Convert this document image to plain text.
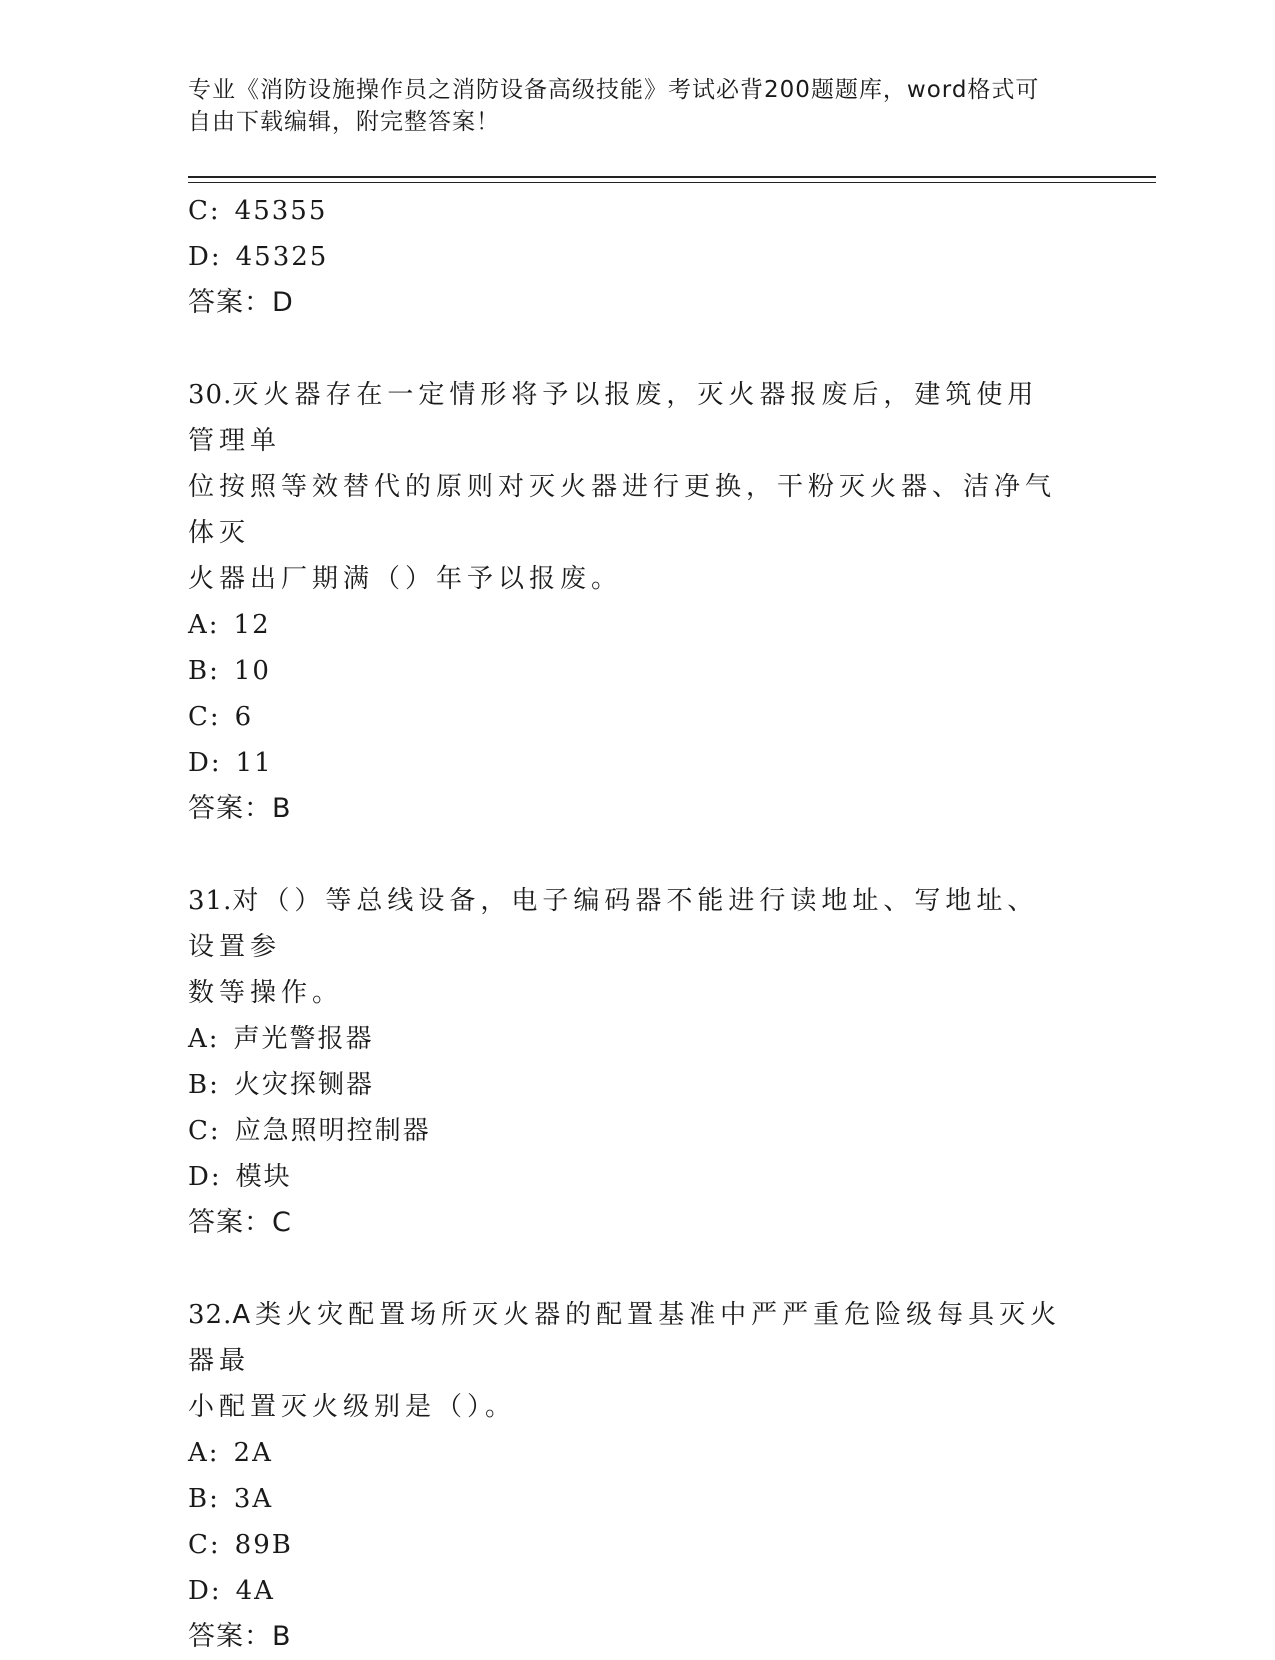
专业《消防设施操作员之消防设备高级技能》考试必背200题题库，word格式可
自由下载编辑，附完整答案！
C: 45355
D: 45325
答案：D
30.灭火器存在一定情形将予以报废，灭火器报废后，建筑使用管理单
位按照等效替代的原则对灭火器进行更换，干粉灭火器、洁净气体灭
火器出厂期满（）年予以报废。
A: 12
B: 10
C: 6
D: 11
答案：B
31.对（）等总线设备，电子编码器不能进行读地址、写地址、设置参
数等操作。
A: 声光警报器
B: 火灾探铡器
C: 应急照明控制器
D: 模块
答案：C
32.A类火灾配置场所灭火器的配置基准中严严重危险级每具灭火器最
小配置灭火级别是（）。
A: 2A
B: 3A
C: 89B
D: 4A
答案：B
